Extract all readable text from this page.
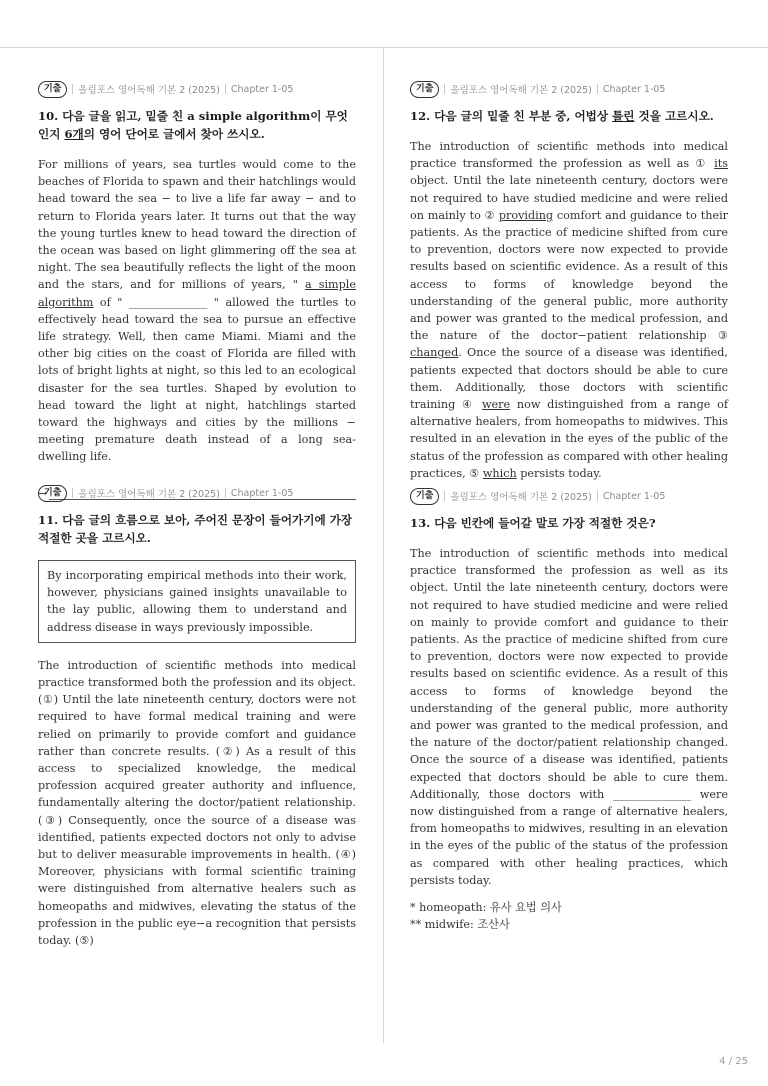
기출	올림포스 영어독해 기본 2 (2025) Chapter 1-05
10. 다음 글을 읽고, 밑줄 친 a simple algorithm이 무엇인지 6개의 영어 단어로 글에서 찾아 쓰시오.

For millions of years, sea turtles would come to the beaches of Florida to spawn and their hatchlings would head toward the sea − to live a life far away − and to return to Florida years later. It turns out that the way the young turtles knew to head toward the direction of the ocean was based on light glimmering off the sea at night. The sea beautifully reflects the light of the moon and the stars, and for millions of years, " a simple algorithm of " ______________ " allowed the turtles to effectively head toward the sea to pursue an effective life strategy. Well, then came Miami. Miami and the other big cities on the coast of Florida are filled with lots of bright lights at night, so this led to an ecological disaster for the sea turtles. Shaped by evolution to head toward the light at night, hatchlings started toward the highways and cities by the millions − meeting premature death instead of a long sea-dwelling life.

→
기출	올림포스 영어독해 기본 2 (2025) Chapter 1-05
11. 다음 글의 흐름으로 보아, 주어진 문장이 들어가기에 가장 적절한 곳을 고르시오.
By incorporating empirical methods into their work, however, physicians gained insights unavailable to the lay public, allowing them to understand and address disease in ways previously impossible.

The introduction of scientific methods into medical practice transformed both the profession and its object. (①) Until the late nineteenth century, doctors were not required to have formal medical training and were relied on primarily to provide comfort and guidance rather than concrete results. (②) As a result of this access to specialized knowledge, the medical profession acquired greater authority and influence, fundamentally altering the doctor/patient relationship. (③) Consequently, once the source of a disease was identified, patients expected doctors not only to advise but to deliver measurable improvements in health. (④) Moreover, physicians with formal scientific training were distinguished from alternative healers such as homeopaths and midwives, elevating the status of the profession in the public eye−a recognition that persists today. (⑤)

기출	올림포스 영어독해 기본 2 (2025) Chapter 1-05
12. 다음 글의 밑줄 친 부분 중, 어법상 틀린 것을 고르시오.

The introduction of scientific methods into medical practice transformed the profession as well as ① its object. Until the late nineteenth century, doctors were not required to have studied medicine and were relied on mainly to ② providing comfort and guidance to their patients. As the practice of medicine shifted from cure to prevention, doctors were now expected to provide results based on scientific evidence. As a result of this access to forms of knowledge beyond the understanding of the general public, more authority and power was granted to the medical profession, and the nature of the doctor−patient relationship ③ changed. Once the source of a disease was identified, patients expected that doctors should be able to cure them. Additionally, those doctors with scientific training ④ were now distinguished from a range of alternative healers, from homeopaths to midwives. This resulted in an elevation in the eyes of the public of the status of the profession as compared with other healing practices, ⑤ which persists today.

기출	올림포스 영어독해 기본 2 (2025) Chapter 1-05
13. 다음 빈칸에 들어갈 말로 가장 적절한 것은?

The introduction of scientific methods into medical practice transformed the profession as well as its object. Until the late nineteenth century, doctors were not required to have studied medicine and were relied on mainly to provide comfort and guidance to their patients. As the practice of medicine shifted from cure to prevention, doctors were now expected to provide results based on scientific evidence. As a result of this access to forms of knowledge beyond the understanding of the general public, more authority and power was granted to the medical profession, and the nature of the doctor/patient relationship changed. Once the source of a disease was identified, patients expected that doctors should be able to cure them. Additionally, those doctors with ______________ were now distinguished from a range of alternative healers, from homeopaths to midwives, resulting in an elevation in the eyes of the public of the status of the profession as compared with other healing practices, which persists today.

* homeopath: 유사 요법 의사
** midwife: 조산사
4 / 25
